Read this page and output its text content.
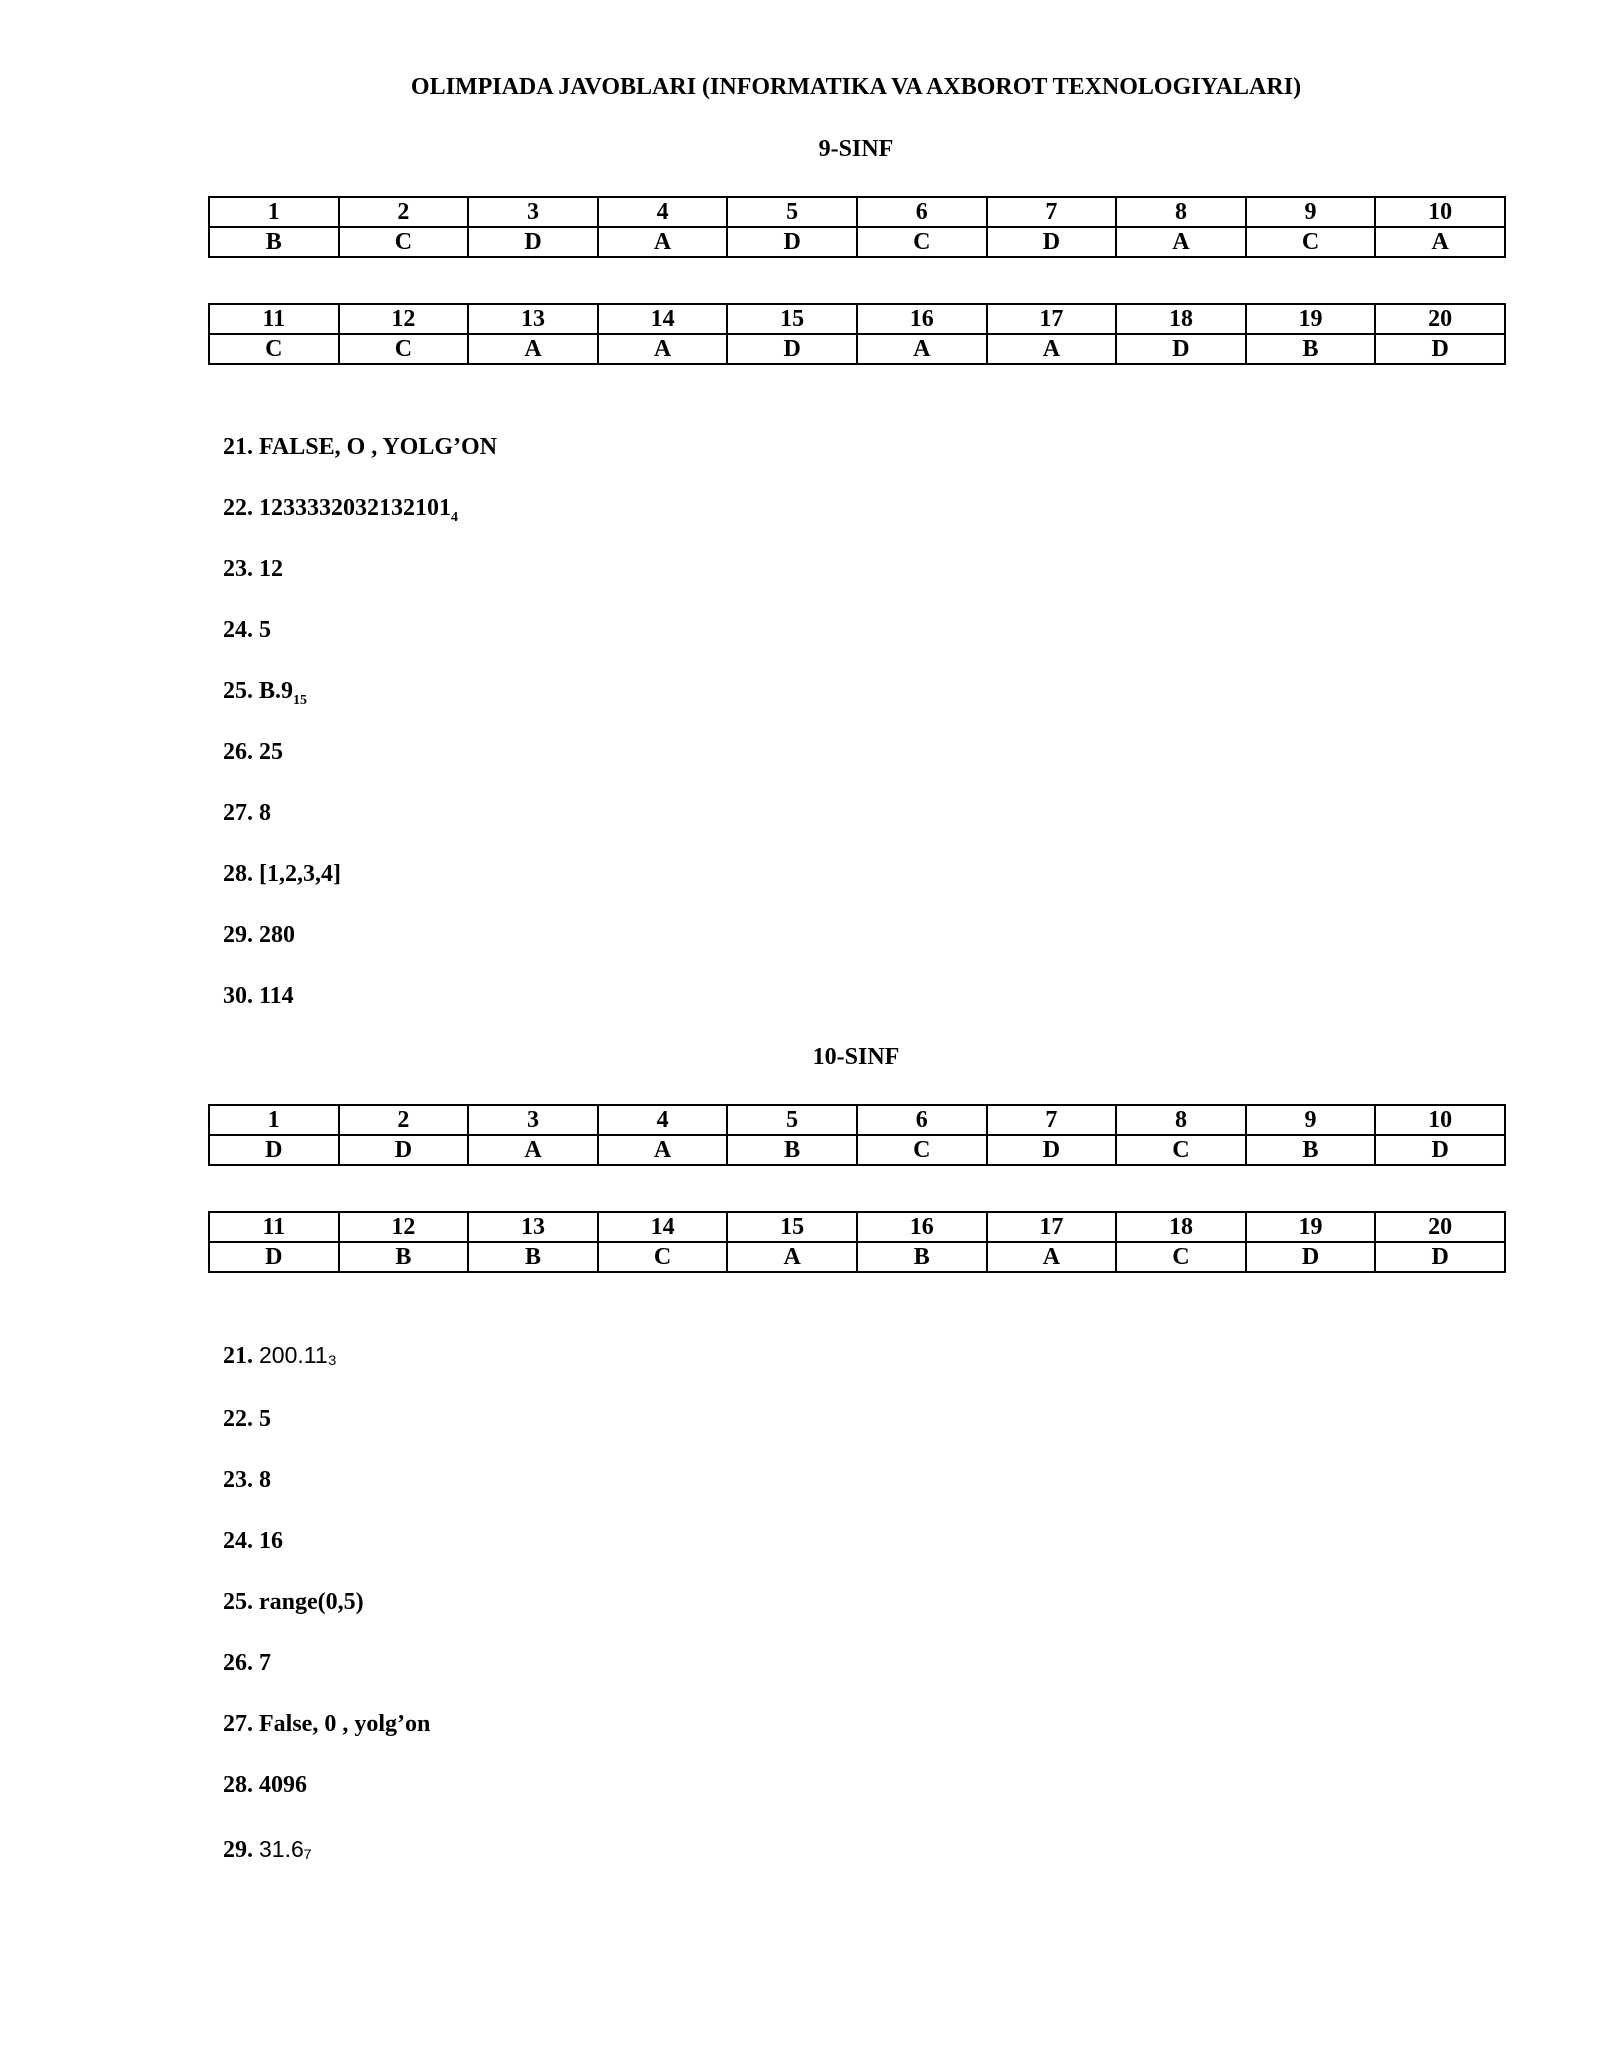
OLIMPIADA JAVOBLARI (INFORMATIKA VA AXBOROT TEXNOLOGIYALARI)
9-SINF
1	2	3	4	5	6	7	8	9	10
B	C	D	A	D	C	D	A	C	A
11	12	13	14	15	16	17	18	19	20
C	C	A	A	D	A	A	D	B	D
21. FALSE, O , YOLG’ON
22. $1233332032132101_4$
23. 12
24. 5
25. $B.9_{15}$
26. 25
27. 8
28. [1,2,3,4]
29. 280
30. 114
10-SINF
1	2	3	4	5	6	7	8	9	10
D	D	A	A	B	C	D	C	B	D
11	12	13	14	15	16	17	18	19	20
D	B	B	C	A	B	A	C	D	D
21. 200.11₃
22. 5
23. 8
24. 16
25. range(0,5)
26. 7
27. False, 0 , yolg’on
28. 4096
29. 31.6₇
